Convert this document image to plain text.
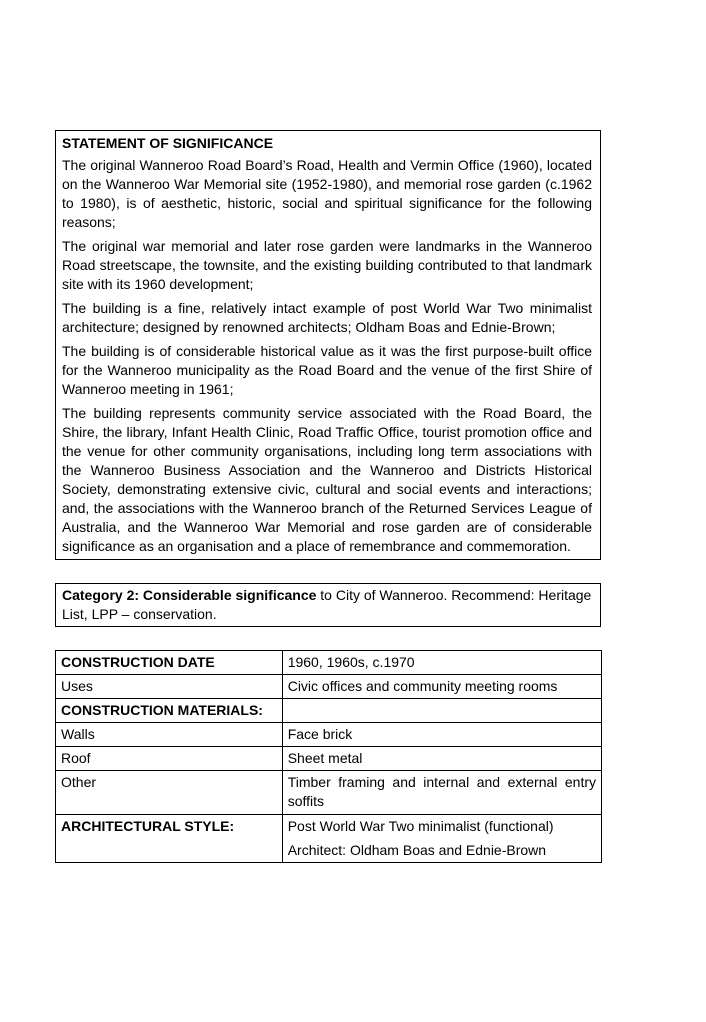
STATEMENT OF SIGNIFICANCE

The original Wanneroo Road Board’s Road, Health and Vermin Office (1960), located on the Wanneroo War Memorial site (1952-1980), and memorial rose garden (c.1962 to 1980), is of aesthetic, historic, social and spiritual significance for the following reasons;

The original war memorial and later rose garden were landmarks in the Wanneroo Road streetscape, the townsite, and the existing building contributed to that landmark site with its 1960 development;

The building is a fine, relatively intact example of post World War Two minimalist architecture; designed by renowned architects; Oldham Boas and Ednie-Brown;

The building is of considerable historical value as it was the first purpose-built office for the Wanneroo municipality as the Road Board and the venue of the first Shire of Wanneroo meeting in 1961;

The building represents community service associated with the Road Board, the Shire, the library, Infant Health Clinic, Road Traffic Office, tourist promotion office and the venue for other community organisations, including long term associations with the Wanneroo Business Association and the Wanneroo and Districts Historical Society, demonstrating extensive civic, cultural and social events and interactions; and, the associations with the Wanneroo branch of the Returned Services League of Australia, and the Wanneroo War Memorial and rose garden are of considerable significance as an organisation and a place of remembrance and commemoration.

Category 2: Considerable significance to City of Wanneroo. Recommend: Heritage List, LPP – conservation.

CONSTRUCTION DATE	1960, 1960s, c.1970
Uses	Civic offices and community meeting rooms
CONSTRUCTION MATERIALS:	
Walls	Face brick
Roof	Sheet metal
Other	Timber framing and internal and external entry soffits
ARCHITECTURAL STYLE:	Post World War Two minimalist (functional)
Architect: Oldham Boas and Ednie-Brown
